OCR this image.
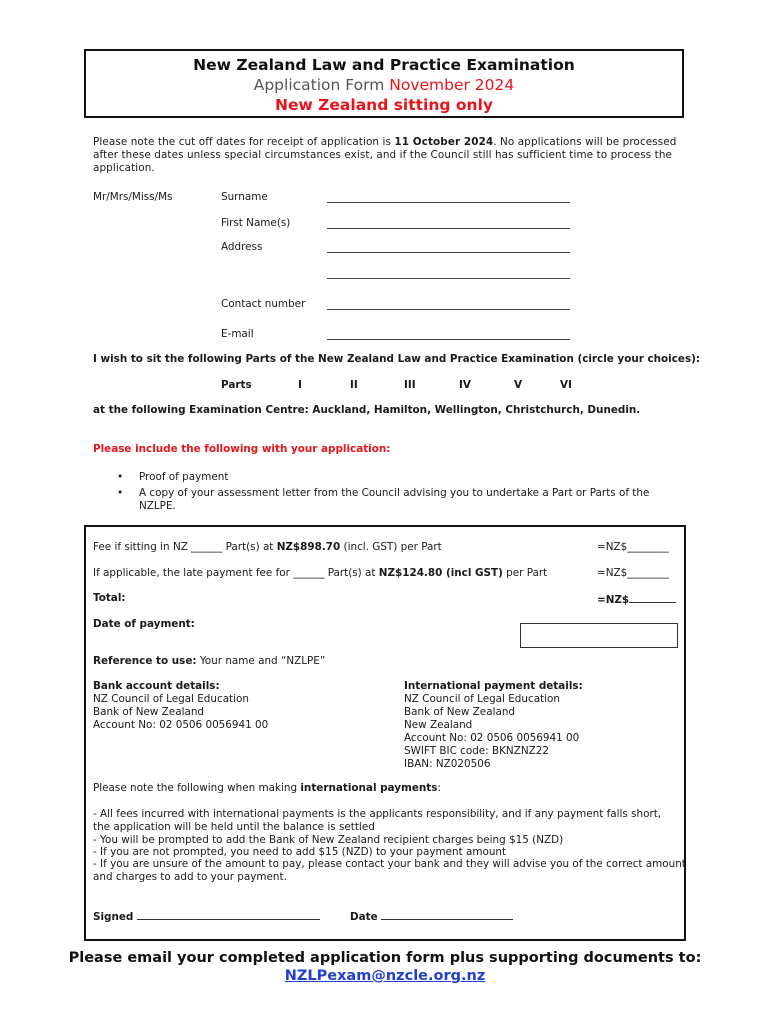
New Zealand Law and Practice Examination
Application Form November 2024
New Zealand sitting only
Please note the cut off dates for receipt of application is 11 October 2024. No applications will be processed after these dates unless special circumstances exist, and if the Council still has sufficient time to process the application.
Mr/Mrs/Miss/Ms	Surname
First Name(s)
Address
Contact number
E-mail
I wish to sit the following Parts of the New Zealand Law and Practice Examination (circle your choices):
Parts	I	II	III	IV	V	VI
at the following Examination Centre: Auckland, Hamilton, Wellington, Christchurch, Dunedin.
Please include the following with your application:
• Proof of payment
• A copy of your assessment letter from the Council advising you to undertake a Part or Parts of the
NZLPE.
Fee if sitting in NZ ______ Part(s) at NZ$898.70 (incl. GST) per Part	=NZ$________
If applicable, the late payment fee for ______ Part(s) at NZ$124.80 (incl GST) per Part	=NZ$________
Total:	=NZ$
Date of payment:
Reference to use: Your name and “NZLPE”
Bank account details:
NZ Council of Legal Education
Bank of New Zealand
Account No: 02 0506 0056941 00
International payment details:
NZ Council of Legal Education
Bank of New Zealand
New Zealand
Account No: 02 0506 0056941 00
SWIFT BIC code: BKNZNZ22
IBAN: NZ020506
Please note the following when making international payments:
- All fees incurred with international payments is the applicants responsibility, and if any payment falls short,
the application will be held until the balance is settled
- You will be prompted to add the Bank of New Zealand recipient charges being $15 (NZD)
- If you are not prompted, you need to add $15 (NZD) to your payment amount
- If you are unsure of the amount to pay, please contact your bank and they will advise you of the correct amount
and charges to add to your payment.
Signed	Date
Please email your completed application form plus supporting documents to:
NZLPexam@nzcle.org.nz
